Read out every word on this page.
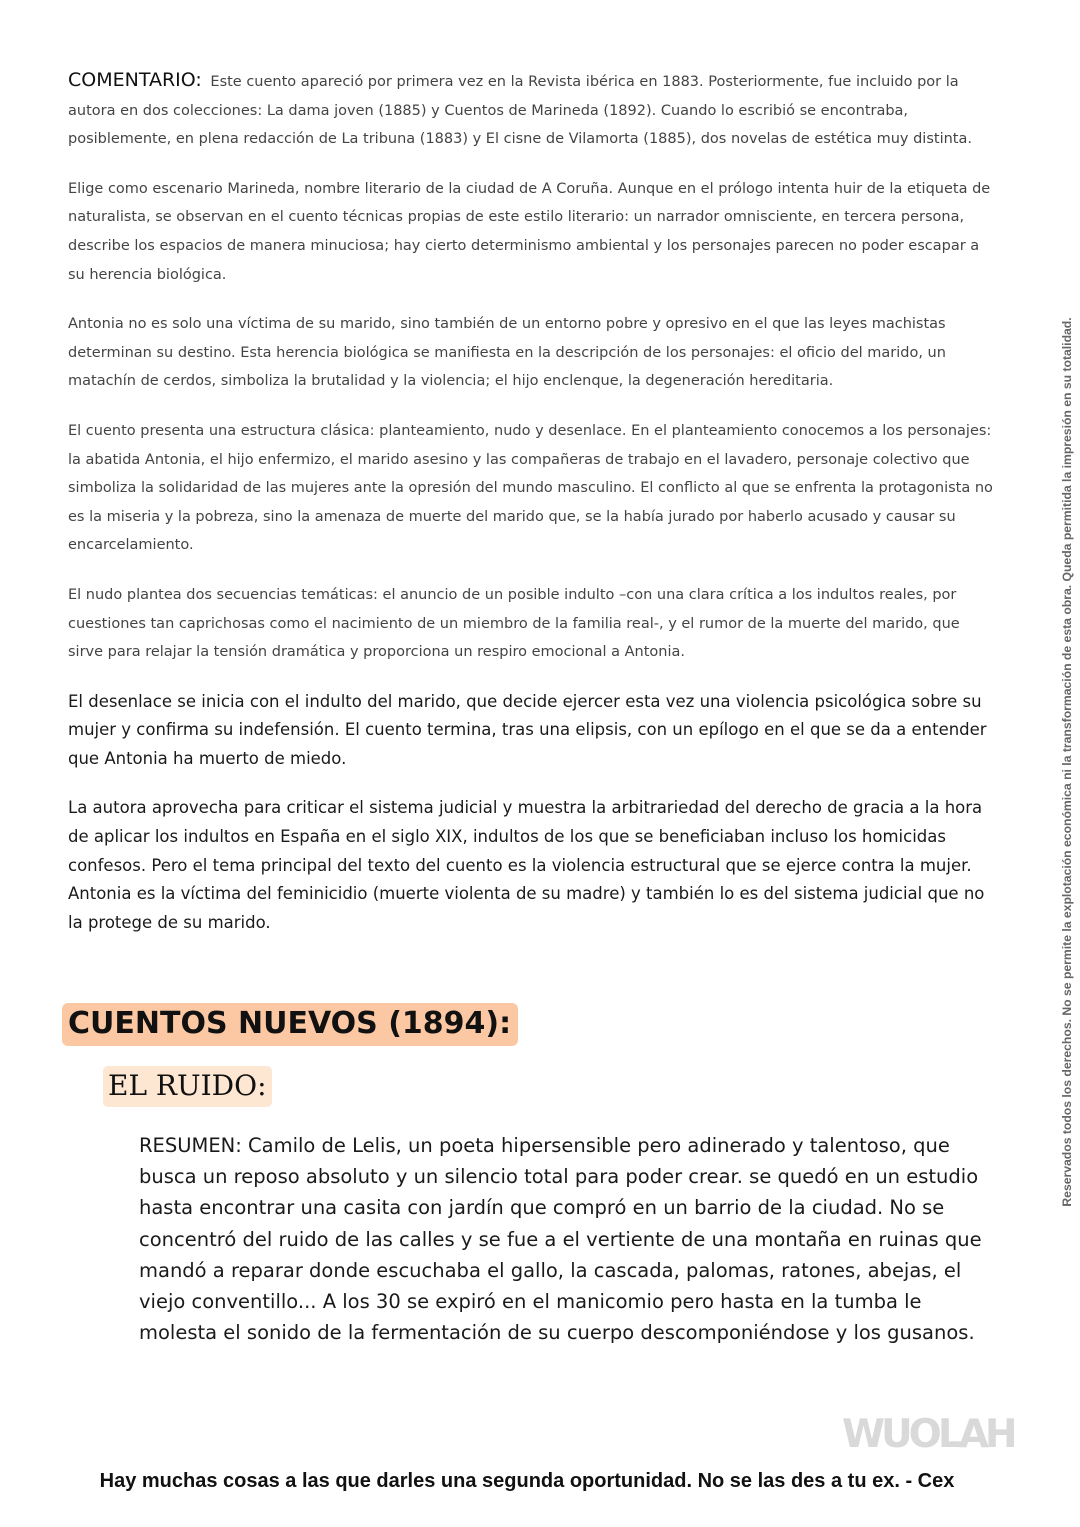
COMENTARIO: Este cuento apareció por primera vez en la Revista ibérica en 1883. Posteriormente, fue incluido por la autora en dos colecciones: La dama joven (1885) y Cuentos de Marineda (1892). Cuando lo escribió se encontraba, posiblemente, en plena redacción de La tribuna (1883) y El cisne de Vilamorta (1885), dos novelas de estética muy distinta.

Elige como escenario Marineda, nombre literario de la ciudad de A Coruña. Aunque en el prólogo intenta huir de la etiqueta de naturalista, se observan en el cuento técnicas propias de este estilo literario: un narrador omnisciente, en tercera persona, describe los espacios de manera minuciosa; hay cierto determinismo ambiental y los personajes parecen no poder escapar a su herencia biológica.

Antonia no es solo una víctima de su marido, sino también de un entorno pobre y opresivo en el que las leyes machistas determinan su destino. Esta herencia biológica se manifiesta en la descripción de los personajes: el oficio del marido, un matachín de cerdos, simboliza la brutalidad y la violencia; el hijo enclenque, la degeneración hereditaria.

El cuento presenta una estructura clásica: planteamiento, nudo y desenlace. En el planteamiento conocemos a los personajes: la abatida Antonia, el hijo enfermizo, el marido asesino y las compañeras de trabajo en el lavadero, personaje colectivo que simboliza la solidaridad de las mujeres ante la opresión del mundo masculino. El conflicto al que se enfrenta la protagonista no es la miseria y la pobreza, sino la amenaza de muerte del marido que, se la había jurado por haberlo acusado y causar su encarcelamiento.

El nudo plantea dos secuencias temáticas: el anuncio de un posible indulto –con una clara crítica a los indultos reales, por cuestiones tan caprichosas como el nacimiento de un miembro de la familia real-, y el rumor de la muerte del marido, que sirve para relajar la tensión dramática y proporciona un respiro emocional a Antonia.

El desenlace se inicia con el indulto del marido, que decide ejercer esta vez una violencia psicológica sobre su mujer y confirma su indefensión. El cuento termina, tras una elipsis, con un epílogo en el que se da a entender que Antonia ha muerto de miedo.

La autora aprovecha para criticar el sistema judicial y muestra la arbitrariedad del derecho de gracia a la hora de aplicar los indultos en España en el siglo XIX, indultos de los que se beneficiaban incluso los homicidas confesos. Pero el tema principal del texto del cuento es la violencia estructural que se ejerce contra la mujer. Antonia es la víctima del feminicidio (muerte violenta de su madre) y también lo es del sistema judicial que no la protege de su marido.

CUENTOS NUEVOS (1894):
EL RUIDO:

RESUMEN: Camilo de Lelis, un poeta hipersensible pero adinerado y talentoso, que busca un reposo absoluto y un silencio total para poder crear. se quedó en un estudio hasta encontrar una casita con jardín que compró en un barrio de la ciudad. No se concentró del ruido de las calles y se fue a el vertiente de una montaña en ruinas que mandó a reparar donde escuchaba el gallo, la cascada, palomas, ratones, abejas, el viejo conventillo... A los 30 se expiró en el manicomio pero hasta en la tumba le molesta el sonido de la fermentación de su cuerpo descomponiéndose y los gusanos.

Reservados todos los derechos. No se permite la explotación económica ni la transformación de esta obra. Queda permitida la impresión en su totalidad.
WUOLAH
Hay muchas cosas a las que darles una segunda oportunidad. No se las des a tu ex. - Cex
